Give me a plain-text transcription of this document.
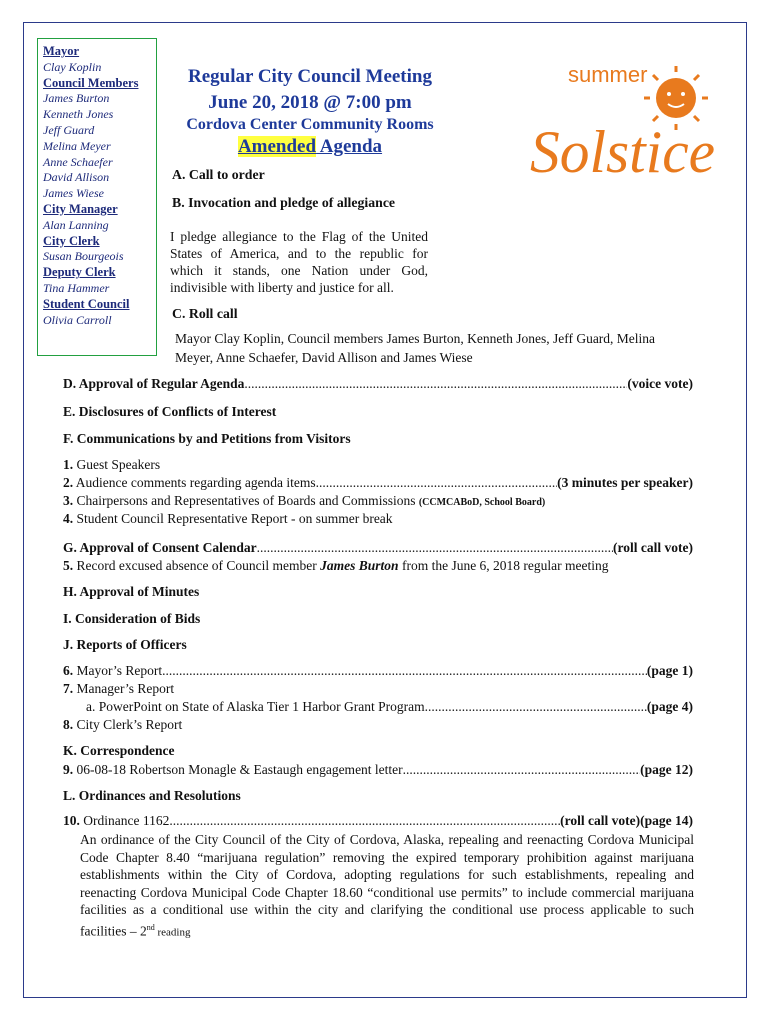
Mayor
Clay Koplin
Council Members
James Burton
Kenneth Jones
Jeff Guard
Melina Meyer
Anne Schaefer
David Allison
James Wiese
City Manager
Alan Lanning
City Clerk
Susan Bourgeois
Deputy Clerk
Tina Hammer
Student Council
Olivia Carroll
Regular City Council Meeting
June 20, 2018 @ 7:00 pm
Cordova Center Community Rooms
Amended Agenda
summer
Solstice
A. Call to order
B. Invocation and pledge of allegiance
I pledge allegiance to the Flag of the United States of America, and to the republic for which it stands, one Nation under God, indivisible with liberty and justice for all.
C. Roll call
Mayor Clay Koplin, Council members James Burton, Kenneth Jones, Jeff Guard, Melina Meyer, Anne Schaefer, David Allison and James Wiese
D. Approval of Regular Agenda .....	(voice vote)
E. Disclosures of Conflicts of Interest
F. Communications by and Petitions from Visitors
1. Guest Speakers
2. Audience comments regarding agenda items .....	(3 minutes per speaker)
3. Chairpersons and Representatives of Boards and Commissions (CCMCABoD, School Board)
4. Student Council Representative Report - on summer break
G. Approval of Consent Calendar .....	(roll call vote)
5. Record excused absence of Council member James Burton from the June 6, 2018 regular meeting
H. Approval of Minutes
I. Consideration of Bids
J. Reports of Officers
6. Mayor’s Report .....	(page 1)
7. Manager’s Report
a. PowerPoint on State of Alaska Tier 1 Harbor Grant Program .....	(page 4)
8. City Clerk’s Report
K. Correspondence
9. 06-08-18 Robertson Monagle & Eastaugh engagement letter .....	(page 12)
L. Ordinances and Resolutions
10. Ordinance 1162 .....	(roll call vote)(page 14)
An ordinance of the City Council of the City of Cordova, Alaska, repealing and reenacting Cordova Municipal Code Chapter 8.40 “marijuana regulation” removing the expired temporary prohibition against marijuana establishments within the City of Cordova, adopting regulations for such establishments, repealing and reenacting Cordova Municipal Code Chapter 18.60 “conditional use permits” to include commercial marijuana facilities as a conditional use within the city and clarifying the conditional use process applicable to such facilities – 2nd reading
